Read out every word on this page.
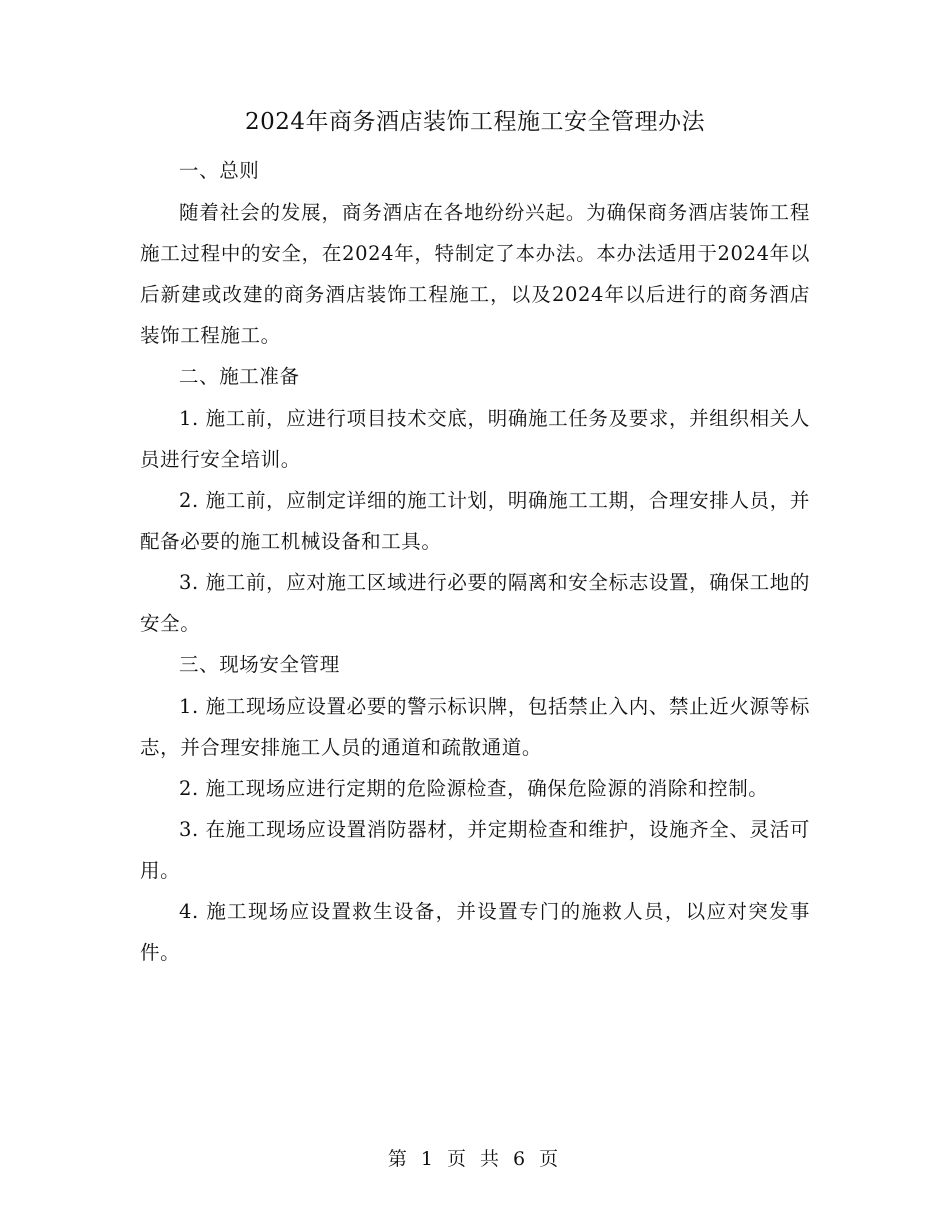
2024年商务酒店装饰工程施工安全管理办法

一、总则

随着社会的发展，商务酒店在各地纷纷兴起。为确保商务酒店装饰工程施工过程中的安全，在2024年，特制定了本办法。本办法适用于2024年以后新建或改建的商务酒店装饰工程施工，以及2024年以后进行的商务酒店装饰工程施工。

二、施工准备

1. 施工前，应进行项目技术交底，明确施工任务及要求，并组织相关人员进行安全培训。

2. 施工前，应制定详细的施工计划，明确施工工期，合理安排人员，并配备必要的施工机械设备和工具。

3. 施工前，应对施工区域进行必要的隔离和安全标志设置，确保工地的安全。

三、现场安全管理

1. 施工现场应设置必要的警示标识牌，包括禁止入内、禁止近火源等标志，并合理安排施工人员的通道和疏散通道。

2. 施工现场应进行定期的危险源检查，确保危险源的消除和控制。

3. 在施工现场应设置消防器材，并定期检查和维护，设施齐全、灵活可用。

4. 施工现场应设置救生设备，并设置专门的施救人员，以应对突发事件。

第 1 页 共 6 页
